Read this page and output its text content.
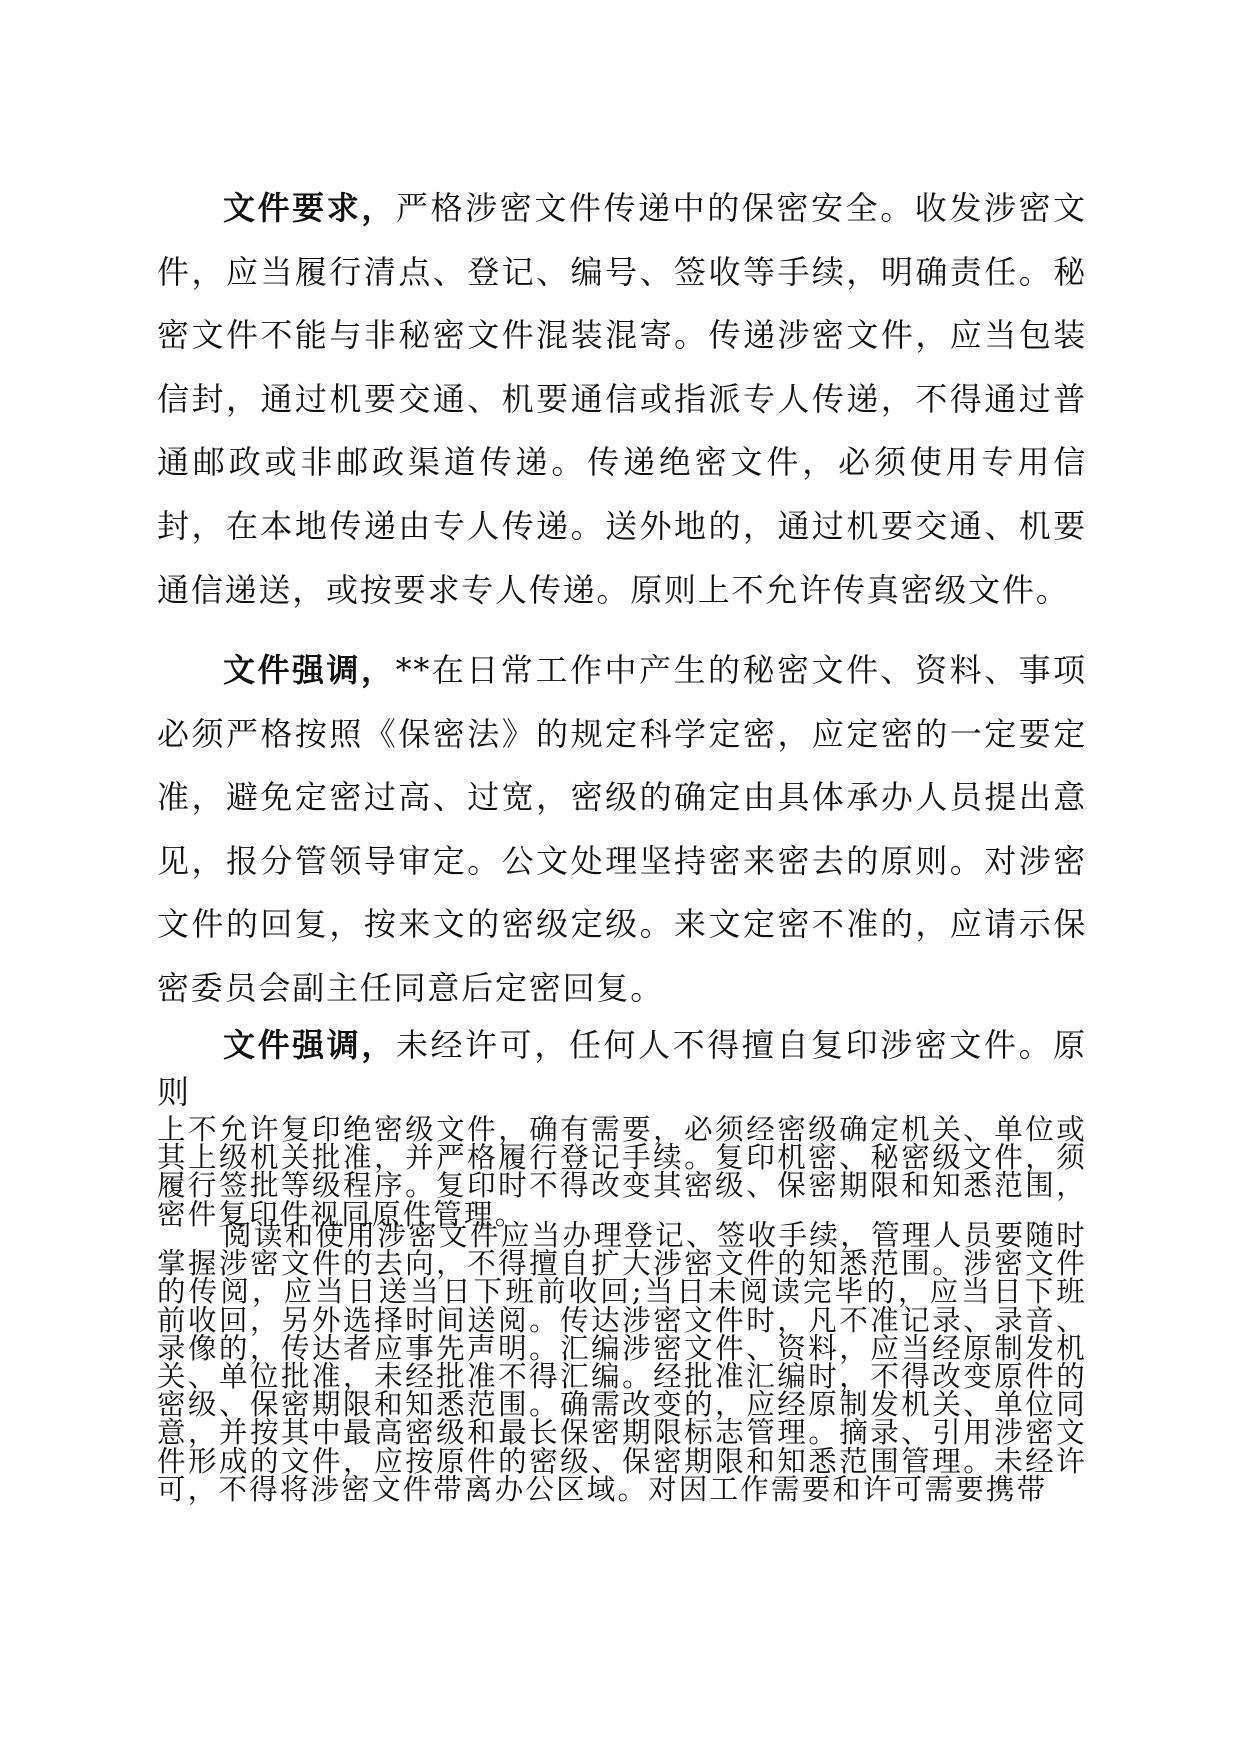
文件要求，严格涉密文件传递中的保密安全。收发涉密文件，应当履行清点、登记、编号、签收等手续，明确责任。秘密文件不能与非秘密文件混装混寄。传递涉密文件，应当包装信封，通过机要交通、机要通信或指派专人传递，不得通过普通邮政或非邮政渠道传递。传递绝密文件，必须使用专用信封，在本地传递由专人传递。送外地的，通过机要交通、机要通信递送，或按要求专人传递。原则上不允许传真密级文件。

文件强调，**在日常工作中产生的秘密文件、资料、事项必须严格按照《保密法》的规定科学定密，应定密的一定要定准，避免定密过高、过宽，密级的确定由具体承办人员提出意见，报分管领导审定。公文处理坚持密来密去的原则。对涉密文件的回复，按来文的密级定级。来文定密不准的，应请示保密委员会副主任同意后定密回复。

文件强调，未经许可，任何人不得擅自复印涉密文件。原则
上不允许复印绝密级文件，确有需要，必须经密级确定机关、单位或其上级机关批准，并严格履行登记手续。复印机密、秘密级文件，须履行签批等级程序。复印时不得改变其密级、保密期限和知悉范围，密件复印件视同原件管理。

阅读和使用涉密文件应当办理登记、签收手续，管理人员要随时掌握涉密文件的去向，不得擅自扩大涉密文件的知悉范围。涉密文件的传阅，应当日送当日下班前收回;当日未阅读完毕的，应当日下班前收回，另外选择时间送阅。传达涉密文件时，凡不准记录、录音、录像的，传达者应事先声明。汇编涉密文件、资料，应当经原制发机关、单位批准，未经批准不得汇编。经批准汇编时，不得改变原件的密级、保密期限和知悉范围。确需改变的，应经原制发机关、单位同意，并按其中最高密级和最长保密期限标志管理。摘录、引用涉密文件形成的文件，应按原件的密级、保密期限和知悉范围管理。未经许可，不得将涉密文件带离办公区域。对因工作需要和许可需要携带
